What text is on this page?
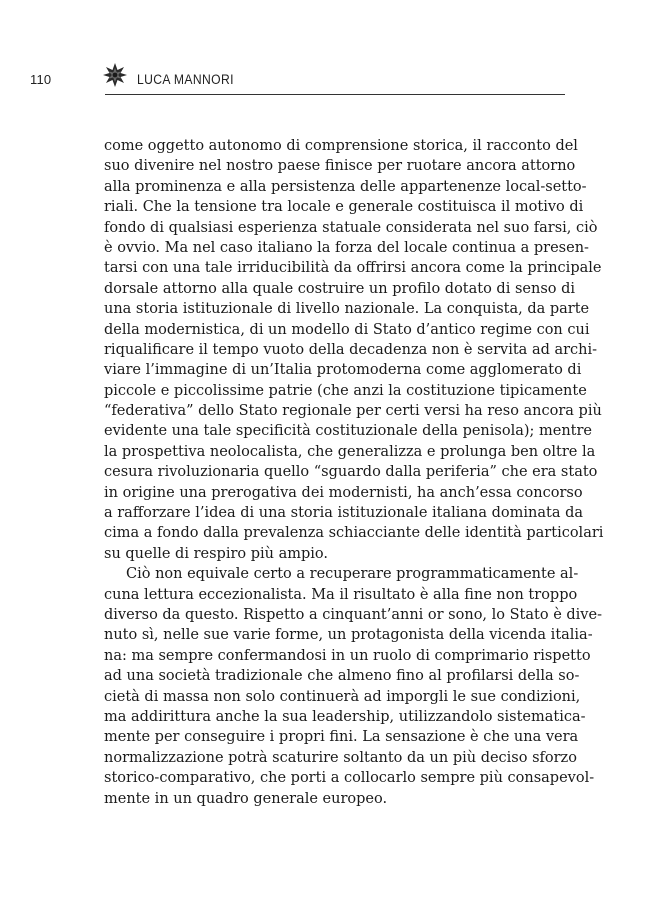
110	LUCA MANNORI
come oggetto autonomo di comprensione storica, il racconto del
suo divenire nel nostro paese finisce per ruotare ancora attorno
alla prominenza e alla persistenza delle appartenenze local-setto-
riali. Che la tensione tra locale e generale costituisca il motivo di
fondo di qualsiasi esperienza statuale considerata nel suo farsi, ciò
è ovvio. Ma nel caso italiano la forza del locale continua a presen-
tarsi con una tale irriducibilità da offrirsi ancora come la principale
dorsale attorno alla quale costruire un profilo dotato di senso di
una storia istituzionale di livello nazionale. La conquista, da parte
della modernistica, di un modello di Stato d’antico regime con cui
riqualificare il tempo vuoto della decadenza non è servita ad archi-
viare l’immagine di un’Italia protomoderna come agglomerato di
piccole e piccolissime patrie (che anzi la costituzione tipicamente
“federativa” dello Stato regionale per certi versi ha reso ancora più
evidente una tale specificità costituzionale della penisola); mentre
la prospettiva neolocalista, che generalizza e prolunga ben oltre la
cesura rivoluzionaria quello “sguardo dalla periferia” che era stato
in origine una prerogativa dei modernisti, ha anch’essa concorso
a rafforzare l’idea di una storia istituzionale italiana dominata da
cima a fondo dalla prevalenza schiacciante delle identità particolari
su quelle di respiro più ampio.
Ciò non equivale certo a recuperare programmaticamente al-
cuna lettura eccezionalista. Ma il risultato è alla fine non troppo
diverso da questo. Rispetto a cinquant’anni or sono, lo Stato è dive-
nuto sì, nelle sue varie forme, un protagonista della vicenda italia-
na: ma sempre confermandosi in un ruolo di comprimario rispetto
ad una società tradizionale che almeno fino al profilarsi della so-
cietà di massa non solo continuerà ad imporgli le sue condizioni,
ma addirittura anche la sua leadership, utilizzandolo sistematica-
mente per conseguire i propri fini. La sensazione è che una vera
normalizzazione potrà scaturire soltanto da un più deciso sforzo
storico-comparativo, che porti a collocarlo sempre più consapevol-
mente in un quadro generale europeo.
